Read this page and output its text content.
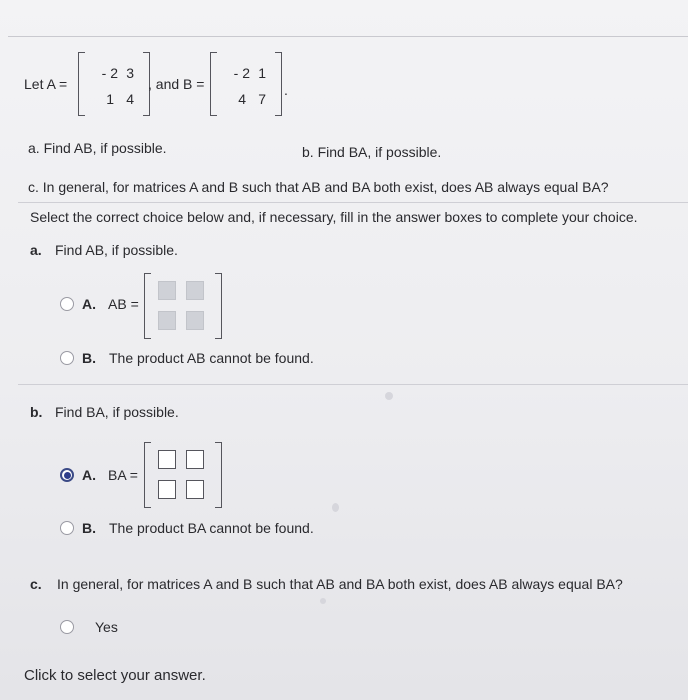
Let A =
- 2 3
1 4
, and B =
- 2 1
4 7
.
a. Find AB, if possible.	b. Find BA, if possible.
c. In general, for matrices A and B such that AB and BA both exist, does AB always equal BA?
Select the correct choice below and, if necessary, fill in the answer boxes to complete your choice.
a. Find AB, if possible.
A. AB =
B. The product AB cannot be found.
b. Find BA, if possible.
A. BA =
B. The product BA cannot be found.
c. In general, for matrices A and B such that AB and BA both exist, does AB always equal BA?
Yes
Click to select your answer.
